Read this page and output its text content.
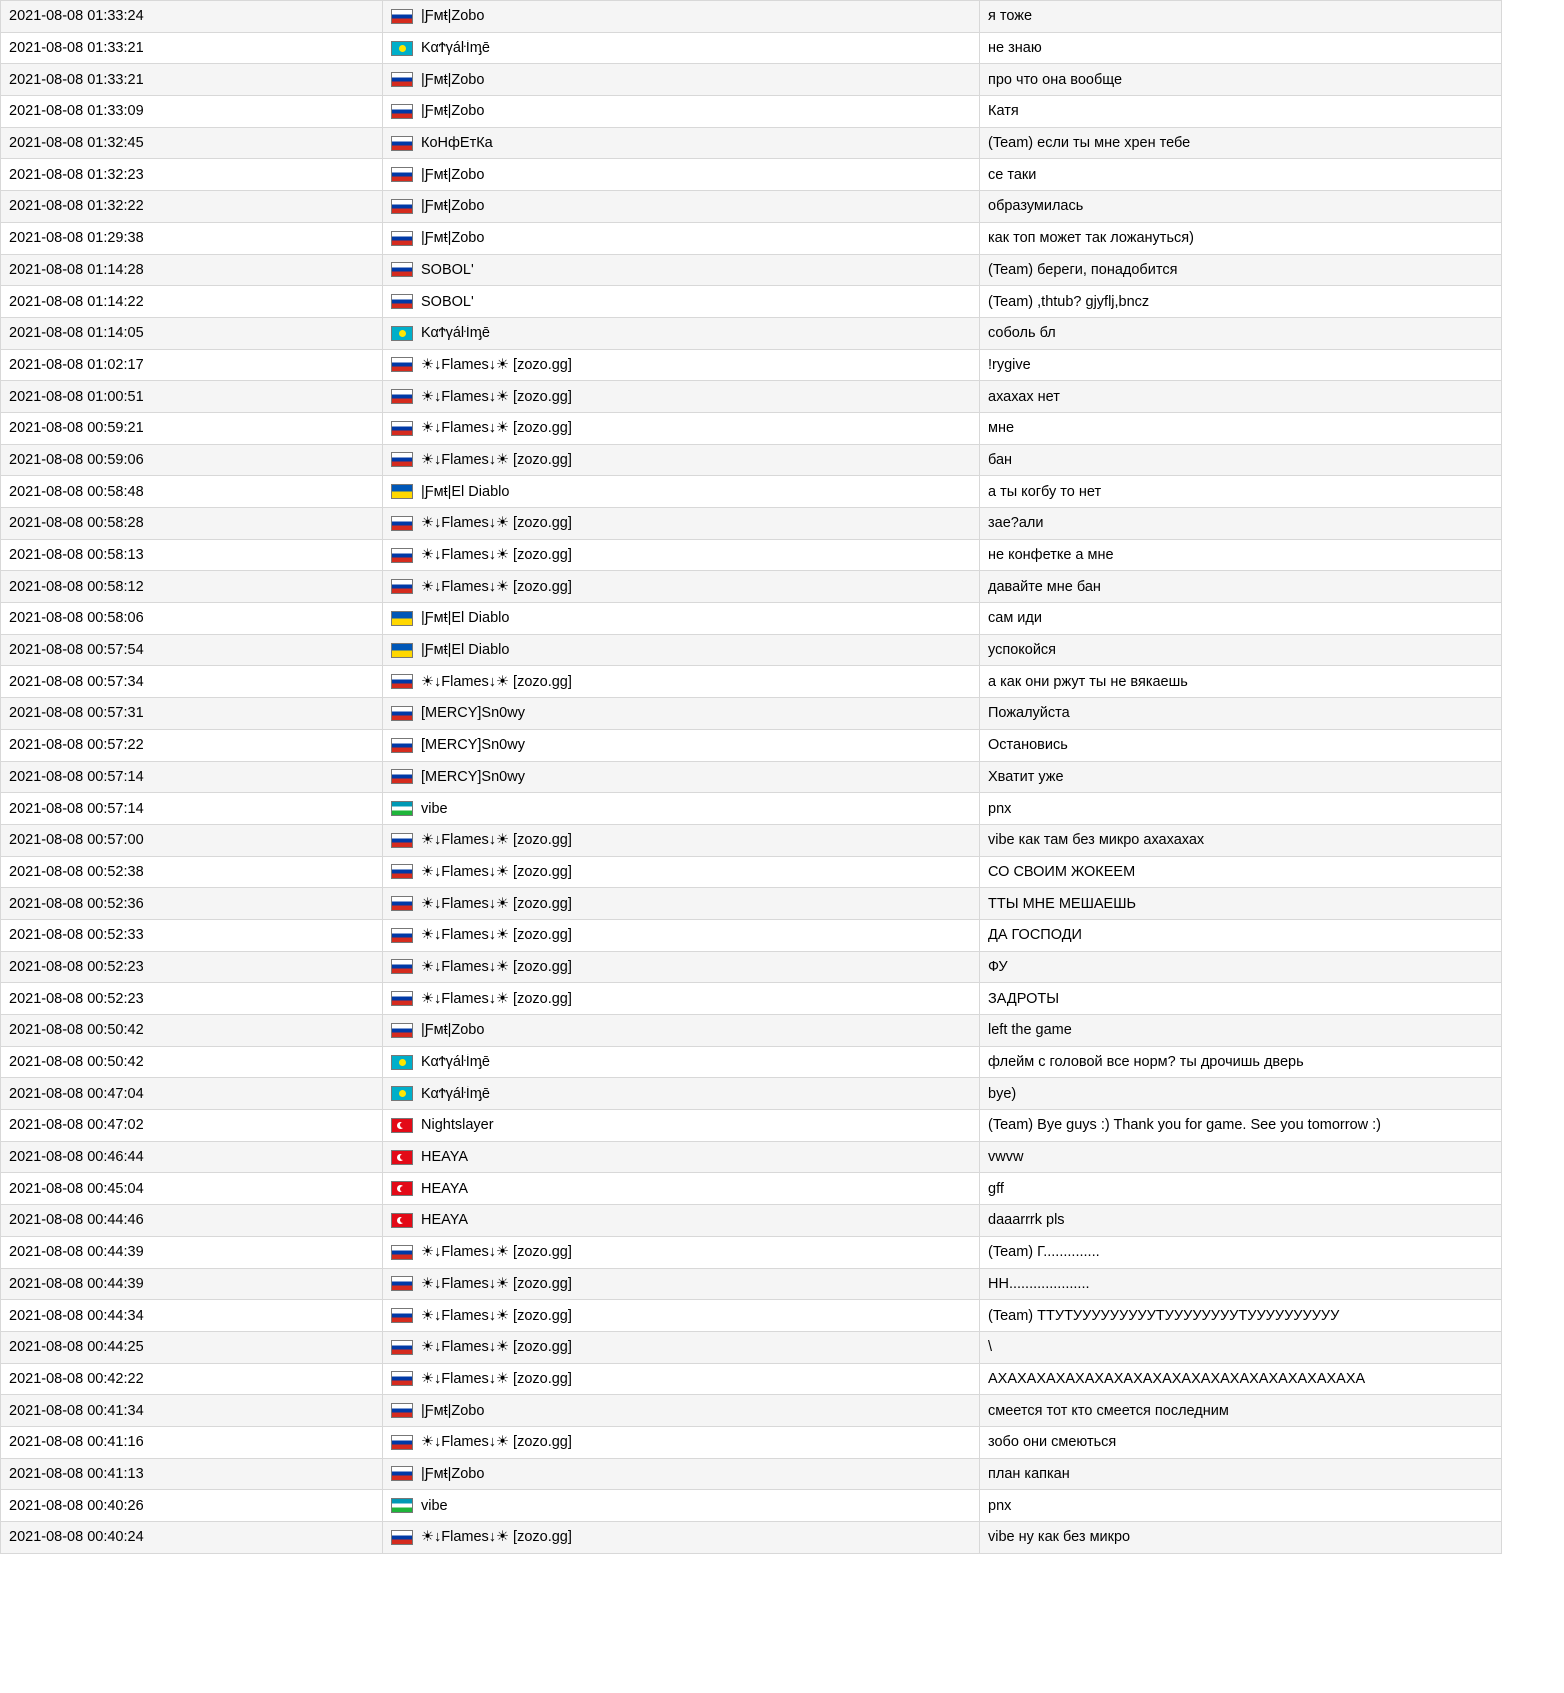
2021-08-08 01:33:24	|Ƒᴍŧ|Zobo	я тоже

2021-08-08 01:33:21	ΚαϮγáŀİᶆē	не знаю

2021-08-08 01:33:21	|Ƒᴍŧ|Zobo	про что она вообще

2021-08-08 01:33:09	|Ƒᴍŧ|Zobo	Катя

2021-08-08 01:32:45	КоНфЕтКа	(Team) если ты мне хрен тебе

2021-08-08 01:32:23	|Ƒᴍŧ|Zobo	се таки

2021-08-08 01:32:22	|Ƒᴍŧ|Zobo	образумилась

2021-08-08 01:29:38	|Ƒᴍŧ|Zobo	как топ может так ложануться)

2021-08-08 01:14:28	SOBOL'	(Team) береги, понадобится

2021-08-08 01:14:22	SOBOL'	(Team) ,thtub? gjyflj,bncz

2021-08-08 01:14:05	ΚαϮγáŀİᶆē	соболь бл

2021-08-08 01:02:17	☀↓Flames↓☀ [zozo.gg]	!rygive

2021-08-08 01:00:51	☀↓Flames↓☀ [zozo.gg]	ахахах нет

2021-08-08 00:59:21	☀↓Flames↓☀ [zozo.gg]	мне

2021-08-08 00:59:06	☀↓Flames↓☀ [zozo.gg]	бан

2021-08-08 00:58:48	|Ƒᴍŧ|El Diablo	а ты когбу то нет

2021-08-08 00:58:28	☀↓Flames↓☀ [zozo.gg]	зае?али

2021-08-08 00:58:13	☀↓Flames↓☀ [zozo.gg]	не конфетке а мне

2021-08-08 00:58:12	☀↓Flames↓☀ [zozo.gg]	давайте мне бан

2021-08-08 00:58:06	|Ƒᴍŧ|El Diablo	сам иди

2021-08-08 00:57:54	|Ƒᴍŧ|El Diablo	успокойся

2021-08-08 00:57:34	☀↓Flames↓☀ [zozo.gg]	а как они ржут ты не вякаешь

2021-08-08 00:57:31	[MERCY]Sn0wy	Пожалуйста

2021-08-08 00:57:22	[MERCY]Sn0wy	Остановись

2021-08-08 00:57:14	[MERCY]Sn0wy	Хватит уже

2021-08-08 00:57:14	vibe	pnx

2021-08-08 00:57:00	☀↓Flames↓☀ [zozo.gg]	vibe как там без микро ахахахах

2021-08-08 00:52:38	☀↓Flames↓☀ [zozo.gg]	СО СВОИМ ЖОКЕЕМ

2021-08-08 00:52:36	☀↓Flames↓☀ [zozo.gg]	ТТЫ МНЕ МЕШАЕШЬ

2021-08-08 00:52:33	☀↓Flames↓☀ [zozo.gg]	ДА ГОСПОДИ

2021-08-08 00:52:23	☀↓Flames↓☀ [zozo.gg]	ФУ

2021-08-08 00:52:23	☀↓Flames↓☀ [zozo.gg]	ЗАДРОТЫ

2021-08-08 00:50:42	|Ƒᴍŧ|Zobo	left the game

2021-08-08 00:50:42	ΚαϮγáŀİᶆē	флейм с головой все норм? ты дрочишь дверь

2021-08-08 00:47:04	ΚαϮγáŀİᶆē	bye)

2021-08-08 00:47:02	Nightslayer	(Team) Bye guys :) Thank you for game. See you tomorrow :)

2021-08-08 00:46:44	HEAYA	vwvw

2021-08-08 00:45:04	HEAYA	gff

2021-08-08 00:44:46	HEAYA	daaarrrk pls

2021-08-08 00:44:39	☀↓Flames↓☀ [zozo.gg]	(Team) Г..............

2021-08-08 00:44:39	☀↓Flames↓☀ [zozo.gg]	НН....................

2021-08-08 00:44:34	☀↓Flames↓☀ [zozo.gg]	(Team) ТТУТУУУУУУУУУТУУУУУУУУТУУУУУУУУУУ

2021-08-08 00:44:25	☀↓Flames↓☀ [zozo.gg]	\

2021-08-08 00:42:22	☀↓Flames↓☀ [zozo.gg]	АХАХАХАХАХАХАХАХАХАХАХАХАХАХАХАХАХАХАХА

2021-08-08 00:41:34	|Ƒᴍŧ|Zobo	смеется тот кто смеется последним

2021-08-08 00:41:16	☀↓Flames↓☀ [zozo.gg]	зобо они смеються

2021-08-08 00:41:13	|Ƒᴍŧ|Zobo	план капкан

2021-08-08 00:40:26	vibe	pnx

2021-08-08 00:40:24	☀↓Flames↓☀ [zozo.gg]	vibe ну как без микро
